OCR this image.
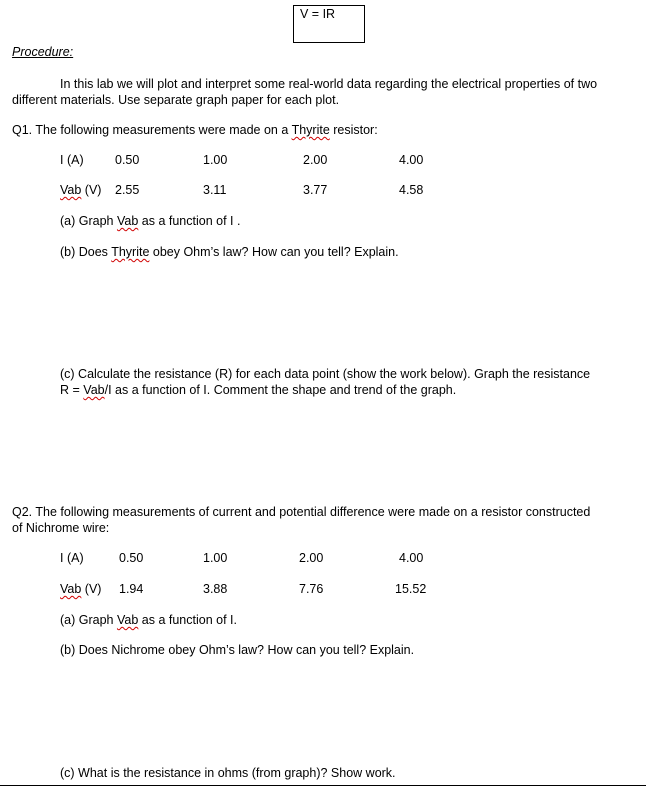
V = IR
Procedure:
In this lab we will plot and interpret some real-world data regarding the electrical properties of two
different materials. Use separate graph paper for each plot.
Q1. The following measurements were made on a Thyrite resistor:
I (A)	0.50	1.00	2.00	4.00
Vab (V) 2.55	3.11	3.77	4.58
(a) Graph Vab as a function of I .
(b) Does Thyrite obey Ohm’s law? How can you tell? Explain.
(c) Calculate the resistance (R) for each data point (show the work below). Graph the resistance
R = Vab/I as a function of I. Comment the shape and trend of the graph.
Q2. The following measurements of current and potential difference were made on a resistor constructed
of Nichrome wire:
I (A)	0.50	1.00	2.00	4.00
Vab (V) 1.94	3.88	7.76	15.52
(a) Graph Vab as a function of I.
(b) Does Nichrome obey Ohm’s law? How can you tell? Explain.
(c) What is the resistance in ohms (from graph)? Show work.
